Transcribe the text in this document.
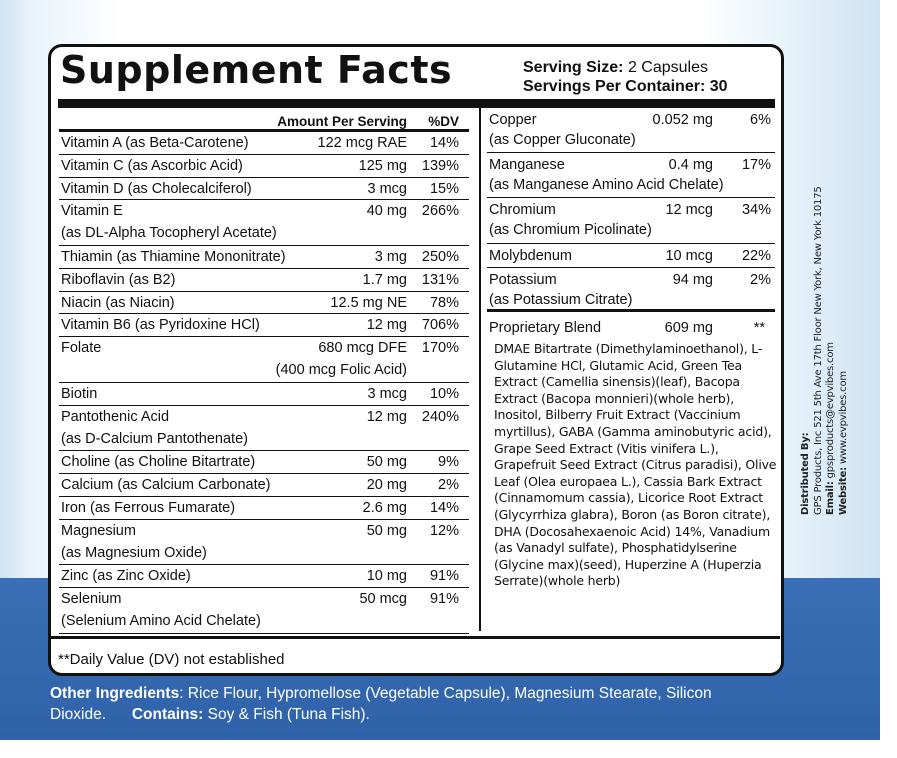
Supplement Facts	Serving Size: 2 Capsules
Servings Per Container: 30
Amount Per Serving %DV
Vitamin A (as Beta-Carotene)	122 mcg RAE 14%
Vitamin C (as Ascorbic Acid)	125 mg 139%
Vitamin D (as Cholecalciferol)	3 mcg 15%
Vitamin E	40 mg 266%
(as DL-Alpha Tocopheryl Acetate)
Thiamin (as Thiamine Mononitrate)	3 mg 250%
Riboflavin (as B2)	1.7 mg 131%
Niacin (as Niacin)	12.5 mg NE 78%
Vitamin B6 (as Pyridoxine HCl)	12 mg 706%
Folate	680 mcg DFE 170%
(400 mcg Folic Acid)
Biotin	3 mcg 10%
Pantothenic Acid	12 mg 240%
(as D-Calcium Pantothenate)
Choline (as Choline Bitartrate)	50 mg 9%
Calcium (as Calcium Carbonate)	20 mg 2%
Iron (as Ferrous Fumarate)	2.6 mg 14%
Magnesium	50 mg 12%
(as Magnesium Oxide)
Zinc (as Zinc Oxide)	10 mg 91%
Selenium	50 mcg 91%
(Selenium Amino Acid Chelate)
Copper	0.052 mg	6%
(as Copper Gluconate)
Manganese	0.4 mg 17%
(as Manganese Amino Acid Chelate)
Chromium	12 mcg 34%
(as Chromium Picolinate)
Molybdenum	10 mcg 22%
Potassium	94 mg	2%
(as Potassium Citrate)
Proprietary Blend	609 mg	**
DMAE Bitartrate (Dimethylaminoethanol), L-Glutamine HCl, Glutamic Acid, Green Tea Extract (Camellia sinensis)(leaf), Bacopa Extract (Bacopa monnieri)(whole herb), Inositol, Bilberry Fruit Extract (Vaccinium myrtillus), GABA (Gamma aminobutyric acid), Grape Seed Extract (Vitis vinifera L.), Grapefruit Seed Extract (Citrus paradisi), Olive Leaf (Olea europaea L.), Cassia Bark Extract (Cinnamomum cassia), Licorice Root Extract (Glycyrrhiza glabra), Boron (as Boron citrate), DHA (Docosahexaenoic Acid) 14%, Vanadium (as Vanadyl sulfate), Phosphatidylserine (Glycine max)(seed), Huperzine A (Huperzia Serrate)(whole herb)
**Daily Value (DV) not established
Other Ingredients: Rice Flour, Hypromellose (Vegetable Capsule), Magnesium Stearate, Silicon Dioxide. Contains: Soy & Fish (Tuna Fish).
Distributed By: GPS Products, Inc 521 5th Ave 17th Floor New York, New York 10175 Email: gpsproducts@evpvibes.com
Website: www.evpvibes.com
